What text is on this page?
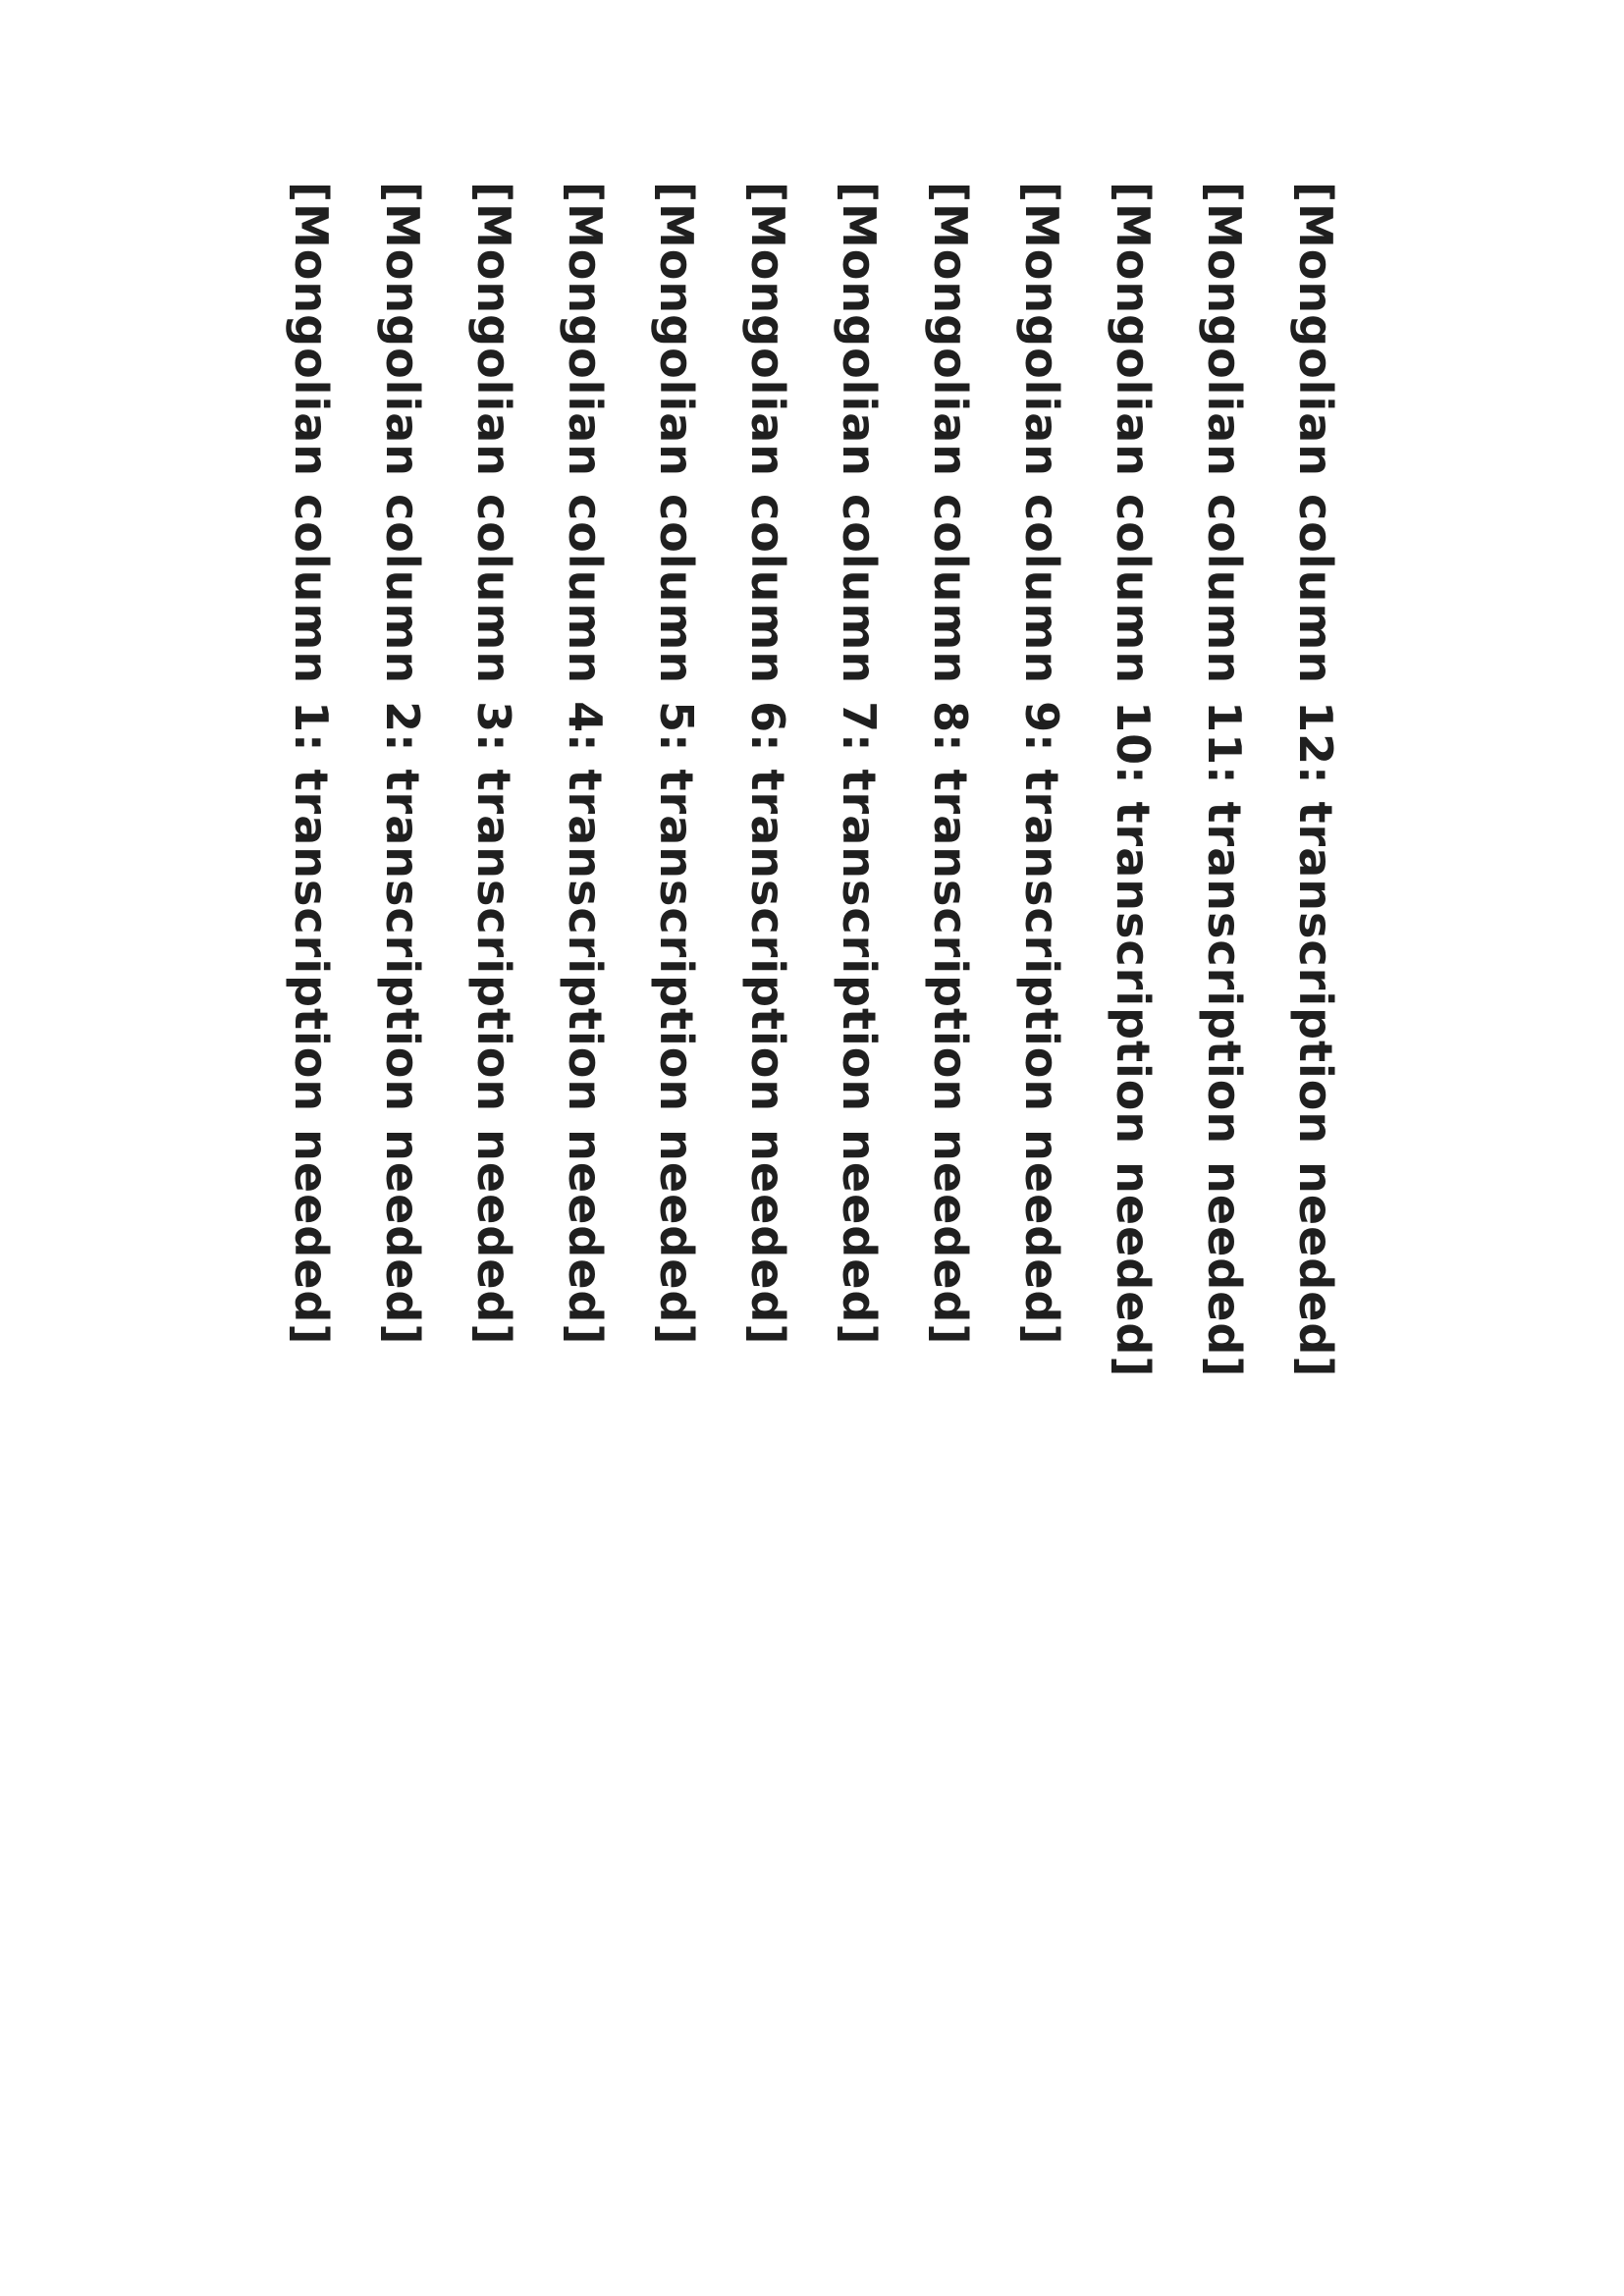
[Mongolian column 1: transcription needed] [Mongolian column 2: transcription needed] [Mongolian column 3: transcription needed] [Mongolian column 4: transcription needed] [Mongolian column 5: transcription needed] [Mongolian column 6: transcription needed] [Mongolian column 7: transcription needed] [Mongolian column 8: transcription needed] [Mongolian column 9: transcription needed] [Mongolian column 10: transcription needed] [Mongolian column 11: transcription needed] [Mongolian column 12: transcription needed]
